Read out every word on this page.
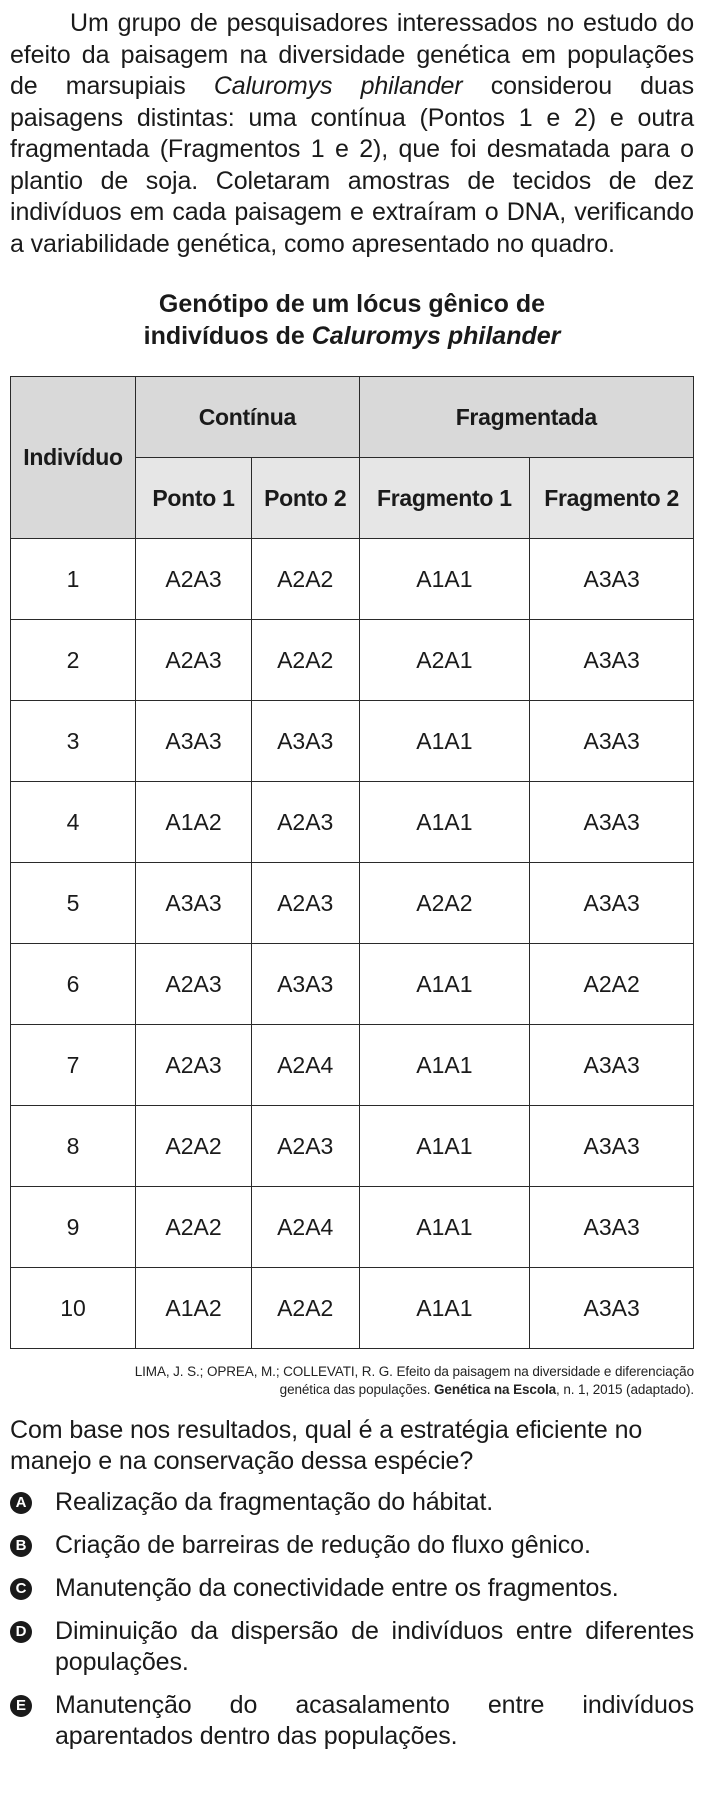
Um grupo de pesquisadores interessados no estudo do efeito da paisagem na diversidade genética em populações de marsupiais Caluromys philander considerou duas paisagens distintas: uma contínua (Pontos 1 e 2) e outra fragmentada (Fragmentos 1 e 2), que foi desmatada para o plantio de soja. Coletaram amostras de tecidos de dez indivíduos em cada paisagem e extraíram o DNA, verificando a variabilidade genética, como apresentado no quadro.

Genótipo de um lócus gênico de
indivíduos de Caluromys philander
Indivíduo	Contínua		Fragmentada	
	Ponto 1	Ponto 2	Fragmento 1	Fragmento 2
1	A2A3	A2A2	A1A1	A3A3
2	A2A3	A2A2	A2A1	A3A3
3	A3A3	A3A3	A1A1	A3A3
4	A1A2	A2A3	A1A1	A3A3
5	A3A3	A2A3	A2A2	A3A3
6	A2A3	A3A3	A1A1	A2A2
7	A2A3	A2A4	A1A1	A3A3
8	A2A2	A2A3	A1A1	A3A3
9	A2A2	A2A4	A1A1	A3A3
10	A1A2	A2A2	A1A1	A3A3
LIMA, J. S.; OPREA, M.; COLLEVATI, R. G. Efeito da paisagem na diversidade e diferenciação
genética das populações. Genética na Escola, n. 1, 2015 (adaptado).

Com base nos resultados, qual é a estratégia eficiente no manejo e na conservação dessa espécie?

A Realização da fragmentação do hábitat.
B Criação de barreiras de redução do fluxo gênico.
C Manutenção da conectividade entre os fragmentos.
D Diminuição da dispersão de indivíduos entre diferentes populações.
E Manutenção do acasalamento entre indivíduos aparentados dentro das populações.
